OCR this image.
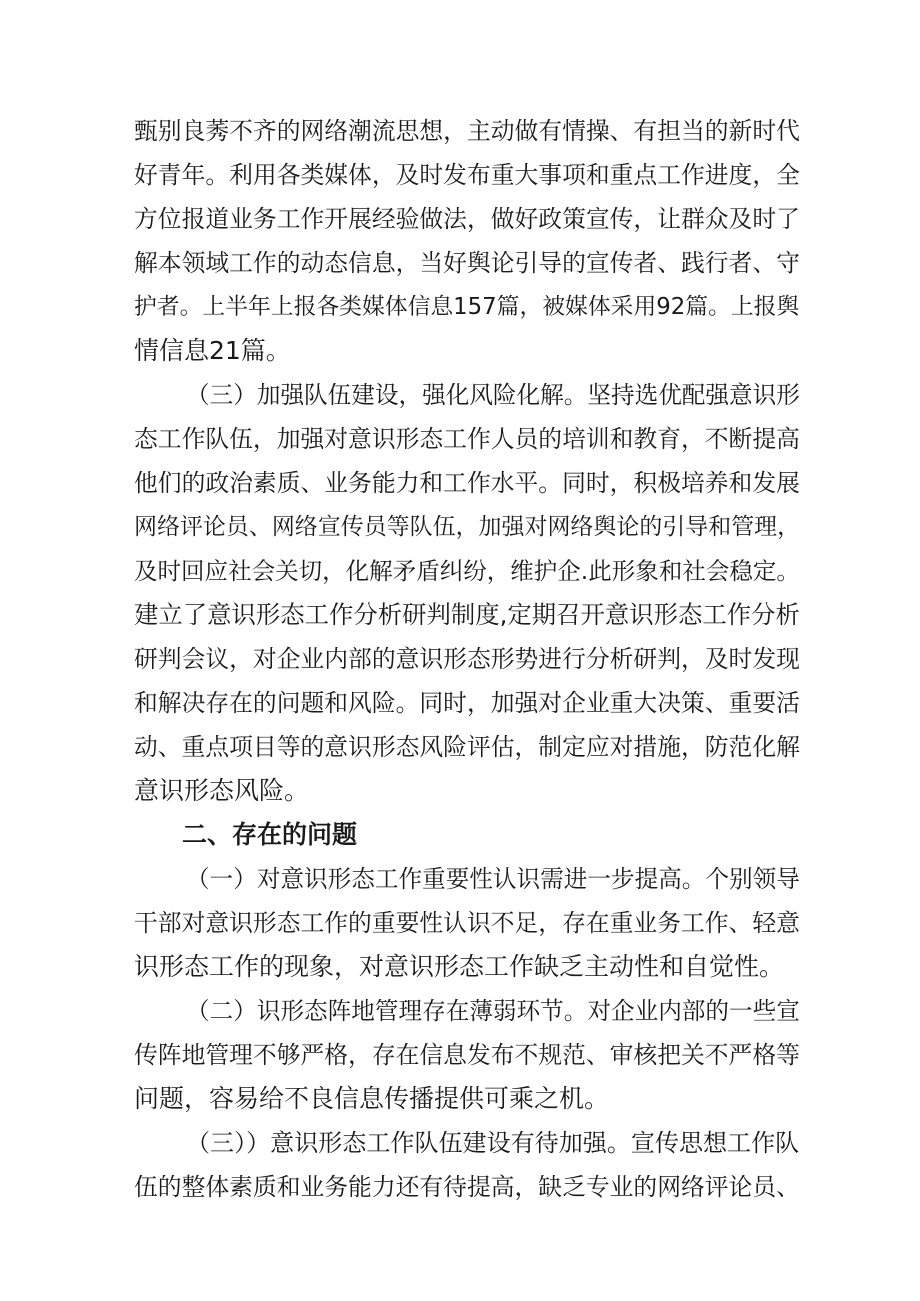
甄别良莠不齐的网络潮流思想，主动做有情操、有担当的新时代
好青年。利用各类媒体，及时发布重大事项和重点工作进度，全
方位报道业务工作开展经验做法，做好政策宣传，让群众及时了
解本领域工作的动态信息，当好舆论引导的宣传者、践行者、守
护者。上半年上报各类媒体信息157篇，被媒体采用92篇。上报舆
情信息21篇。
（三）加强队伍建设，强化风险化解。坚持选优配强意识形
态工作队伍，加强对意识形态工作人员的培训和教育，不断提高
他们的政治素质、业务能力和工作水平。同时，积极培养和发展
网络评论员、网络宣传员等队伍，加强对网络舆论的引导和管理，
及时回应社会关切，化解矛盾纠纷，维护企.此形象和社会稳定。
建立了意识形态工作分析研判制度,定期召开意识形态工作分析
研判会议，对企业内部的意识形态形势进行分析研判，及时发现
和解决存在的问题和风险。同时，加强对企业重大决策、重要活
动、重点项目等的意识形态风险评估，制定应对措施，防范化解
意识形态风险。
二、存在的问题
（一）对意识形态工作重要性认识需进一步提高。个别领导
干部对意识形态工作的重要性认识不足，存在重业务工作、轻意
识形态工作的现象，对意识形态工作缺乏主动性和自觉性。
（二）识形态阵地管理存在薄弱环节。对企业内部的一些宣
传阵地管理不够严格，存在信息发布不规范、审核把关不严格等
问题，容易给不良信息传播提供可乘之机。
（三））意识形态工作队伍建设有待加强。宣传思想工作队
伍的整体素质和业务能力还有待提高，缺乏专业的网络评论员、
